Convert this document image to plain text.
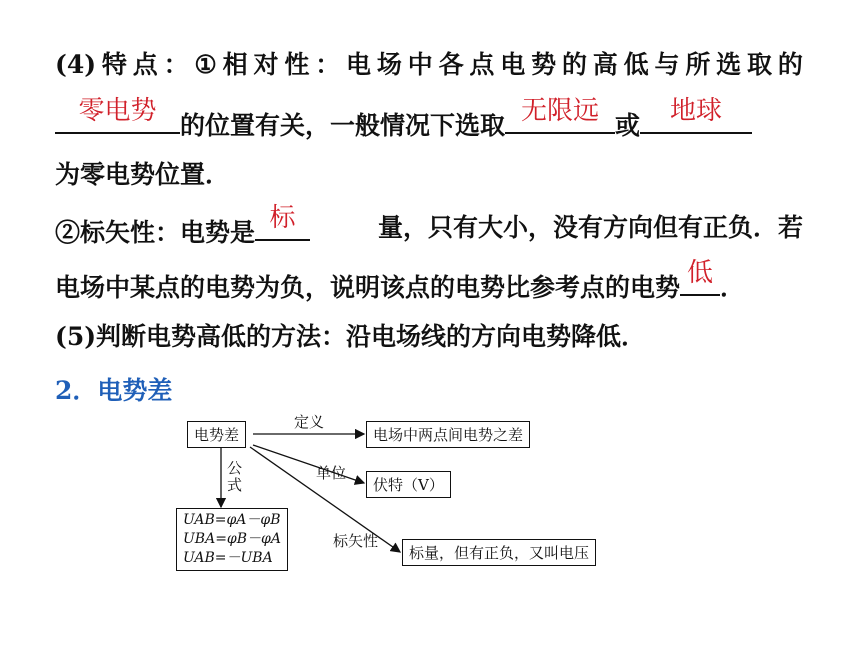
(4) 特 点 ： ① 相 对 性 ： 电 场 中 各 点 电 势 的 高 低 与 所 选 取 的
零电势 的位置有关，一般情况下选取 无限远 或 地球
为零电势位置．
②标矢性：电势是 标	量，只有大小，没有方向但有正负．若
电场中某点的电势为负，说明该点的电势比参考点的电势 低 ．
(5)判断电势高低的方法：沿电场线的方向电势降低．
2．电势差
电势差
定义
电场中两点间电势之差
单位
伏特（V）
公
式
标矢性
标量，但有正负，又叫电压
UAB=φA－φB
UBA=φB－φA
UAB=－UBA
